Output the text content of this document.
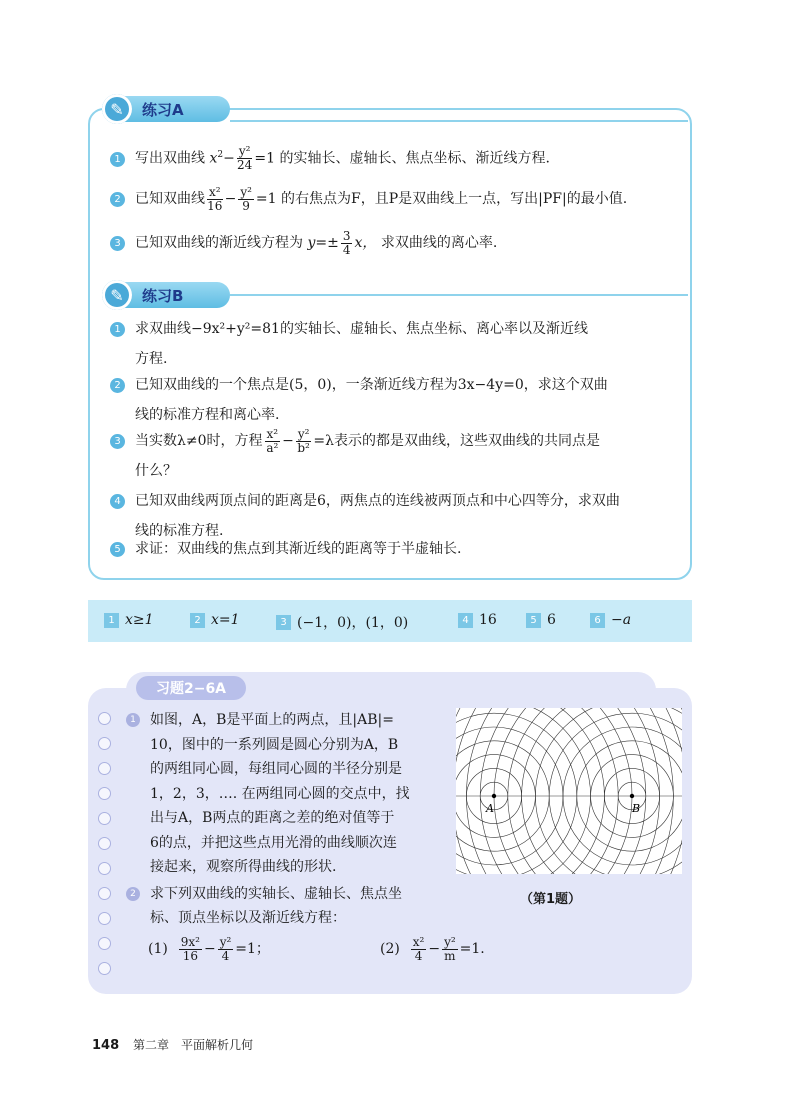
✎	练习A
1 写出双曲线 $x^2- \frac{\text{y²}}{24} =1$ 的实轴长、虚轴长、焦点坐标、渐近线方程.
2 已知双曲线 $\frac{\text{x²}}{16} - \frac{\text{y²}}{9} =1$ 的右焦点为F，且P是双曲线上一点，写出|PF|的最小值.
3 已知双曲线的渐近线方程为 $y=\pm \frac{3}{4}$ x， 求双曲线的离心率.
✎	练习B
1 求双曲线−9x²+y²=81的实轴长、虚轴长、焦点坐标、离心率以及渐近线
方程.
2 已知双曲线的一个焦点是(5，0)，一条渐近线方程为3x−4y=0，求这个双曲
线的标准方程和离心率.
3 当实数λ≠0时，方程 $\frac{\text{x²}}{\text{a²}} - \frac{\text{y²}}{\text{b²}} =\lambda$表示的都是双曲线，这些双曲线的共同点是
什么？
4 已知双曲线两顶点间的距离是6，两焦点的连线被两顶点和中心四等分，求双曲
线的标准方程.
5 求证：双曲线的焦点到其渐近线的距离等于半虚轴长.
1 x≥1	2 x=1	3 (−1，0)，(1，0)	4 16	5 6	6 −a
习题2−6A
1 如图，A，B是平面上的两点，且|AB|=
10，图中的一系列圆是圆心分别为A，B
的两组同心圆，每组同心圆的半径分别是
1，2，3，…. 在两组同心圆的交点中，找
出与A，B两点的距离之差的绝对值等于
6的点，并把这些点用光滑的曲线顺次连
接起来，观察所得曲线的形状.
2 求下列双曲线的实轴长、虚轴长、焦点坐
标、顶点坐标以及渐近线方程：
$(1) \frac{\text{9x²}}{16} - \frac{\text{y²}}{4} =1$；	$(2) \frac{\text{x²}}{4} - \frac{\text{y²}}{m} =1$.
A	B
（第1题）
148 第二章　平面解析几何
